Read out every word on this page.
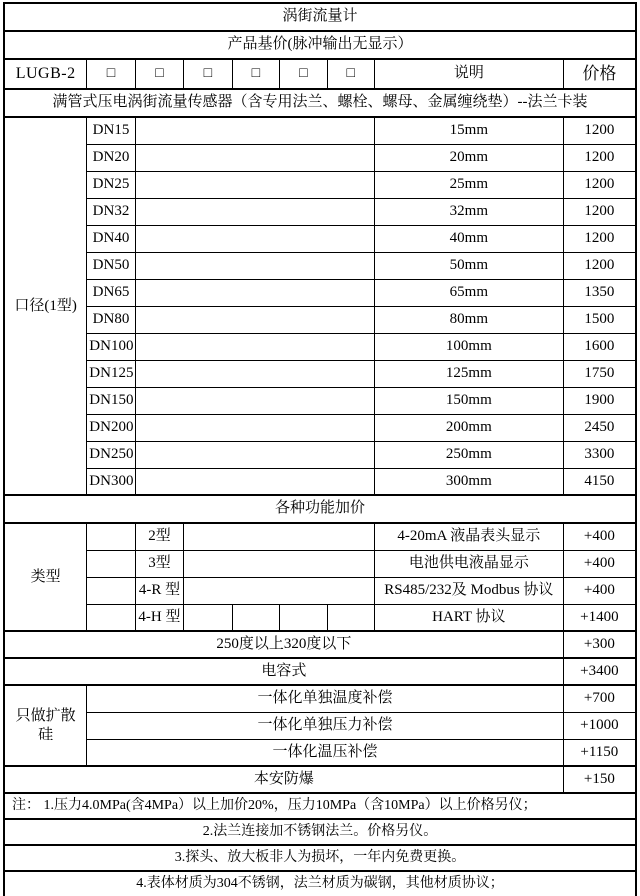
涡街流量计								
产品基价(脉冲输出无显示）								
LUGB-2	□	□	□	□	□	□	说明	价格
满管式压电涡街流量传感器（含专用法兰、螺栓、螺母、金属缠绕垫）--法兰卡装								
口径(1型)	DN15						15mm	1200
	DN20						20mm	1200
	DN25						25mm	1200
	DN32						32mm	1200
	DN40						40mm	1200
	DN50						50mm	1200
	DN65						65mm	1350
	DN80						80mm	1500
	DN100						100mm	1600
	DN125						125mm	1750
	DN150						150mm	1900
	DN200						200mm	2450
	DN250						250mm	3300
	DN300						300mm	4150
各种功能加价								
类型		2型					4-20mA 液晶表头显示	+400
		3型					电池供电液晶显示	+400
		4-R 型					RS485/232及 Modbus 协议	+400
		4-H 型					HART 协议	+1400
250度以上320度以下								+300
电容式								+3400
只做扩散硅	一体化单独温度补偿							+700
	一体化单独压力补偿							+1000
	一体化温压补偿							+1150
本安防爆								+150
注： 1.压力4.0MPa(含4MPa）以上加价20%，压力10MPa（含10MPa）以上价格另仪；								
2.法兰连接加不锈钢法兰。价格另仪。								
3.探头、放大板非人为损坏，一年内免费更换。								
4.表体材质为304不锈钢，法兰材质为碳钢，其他材质协议；								
